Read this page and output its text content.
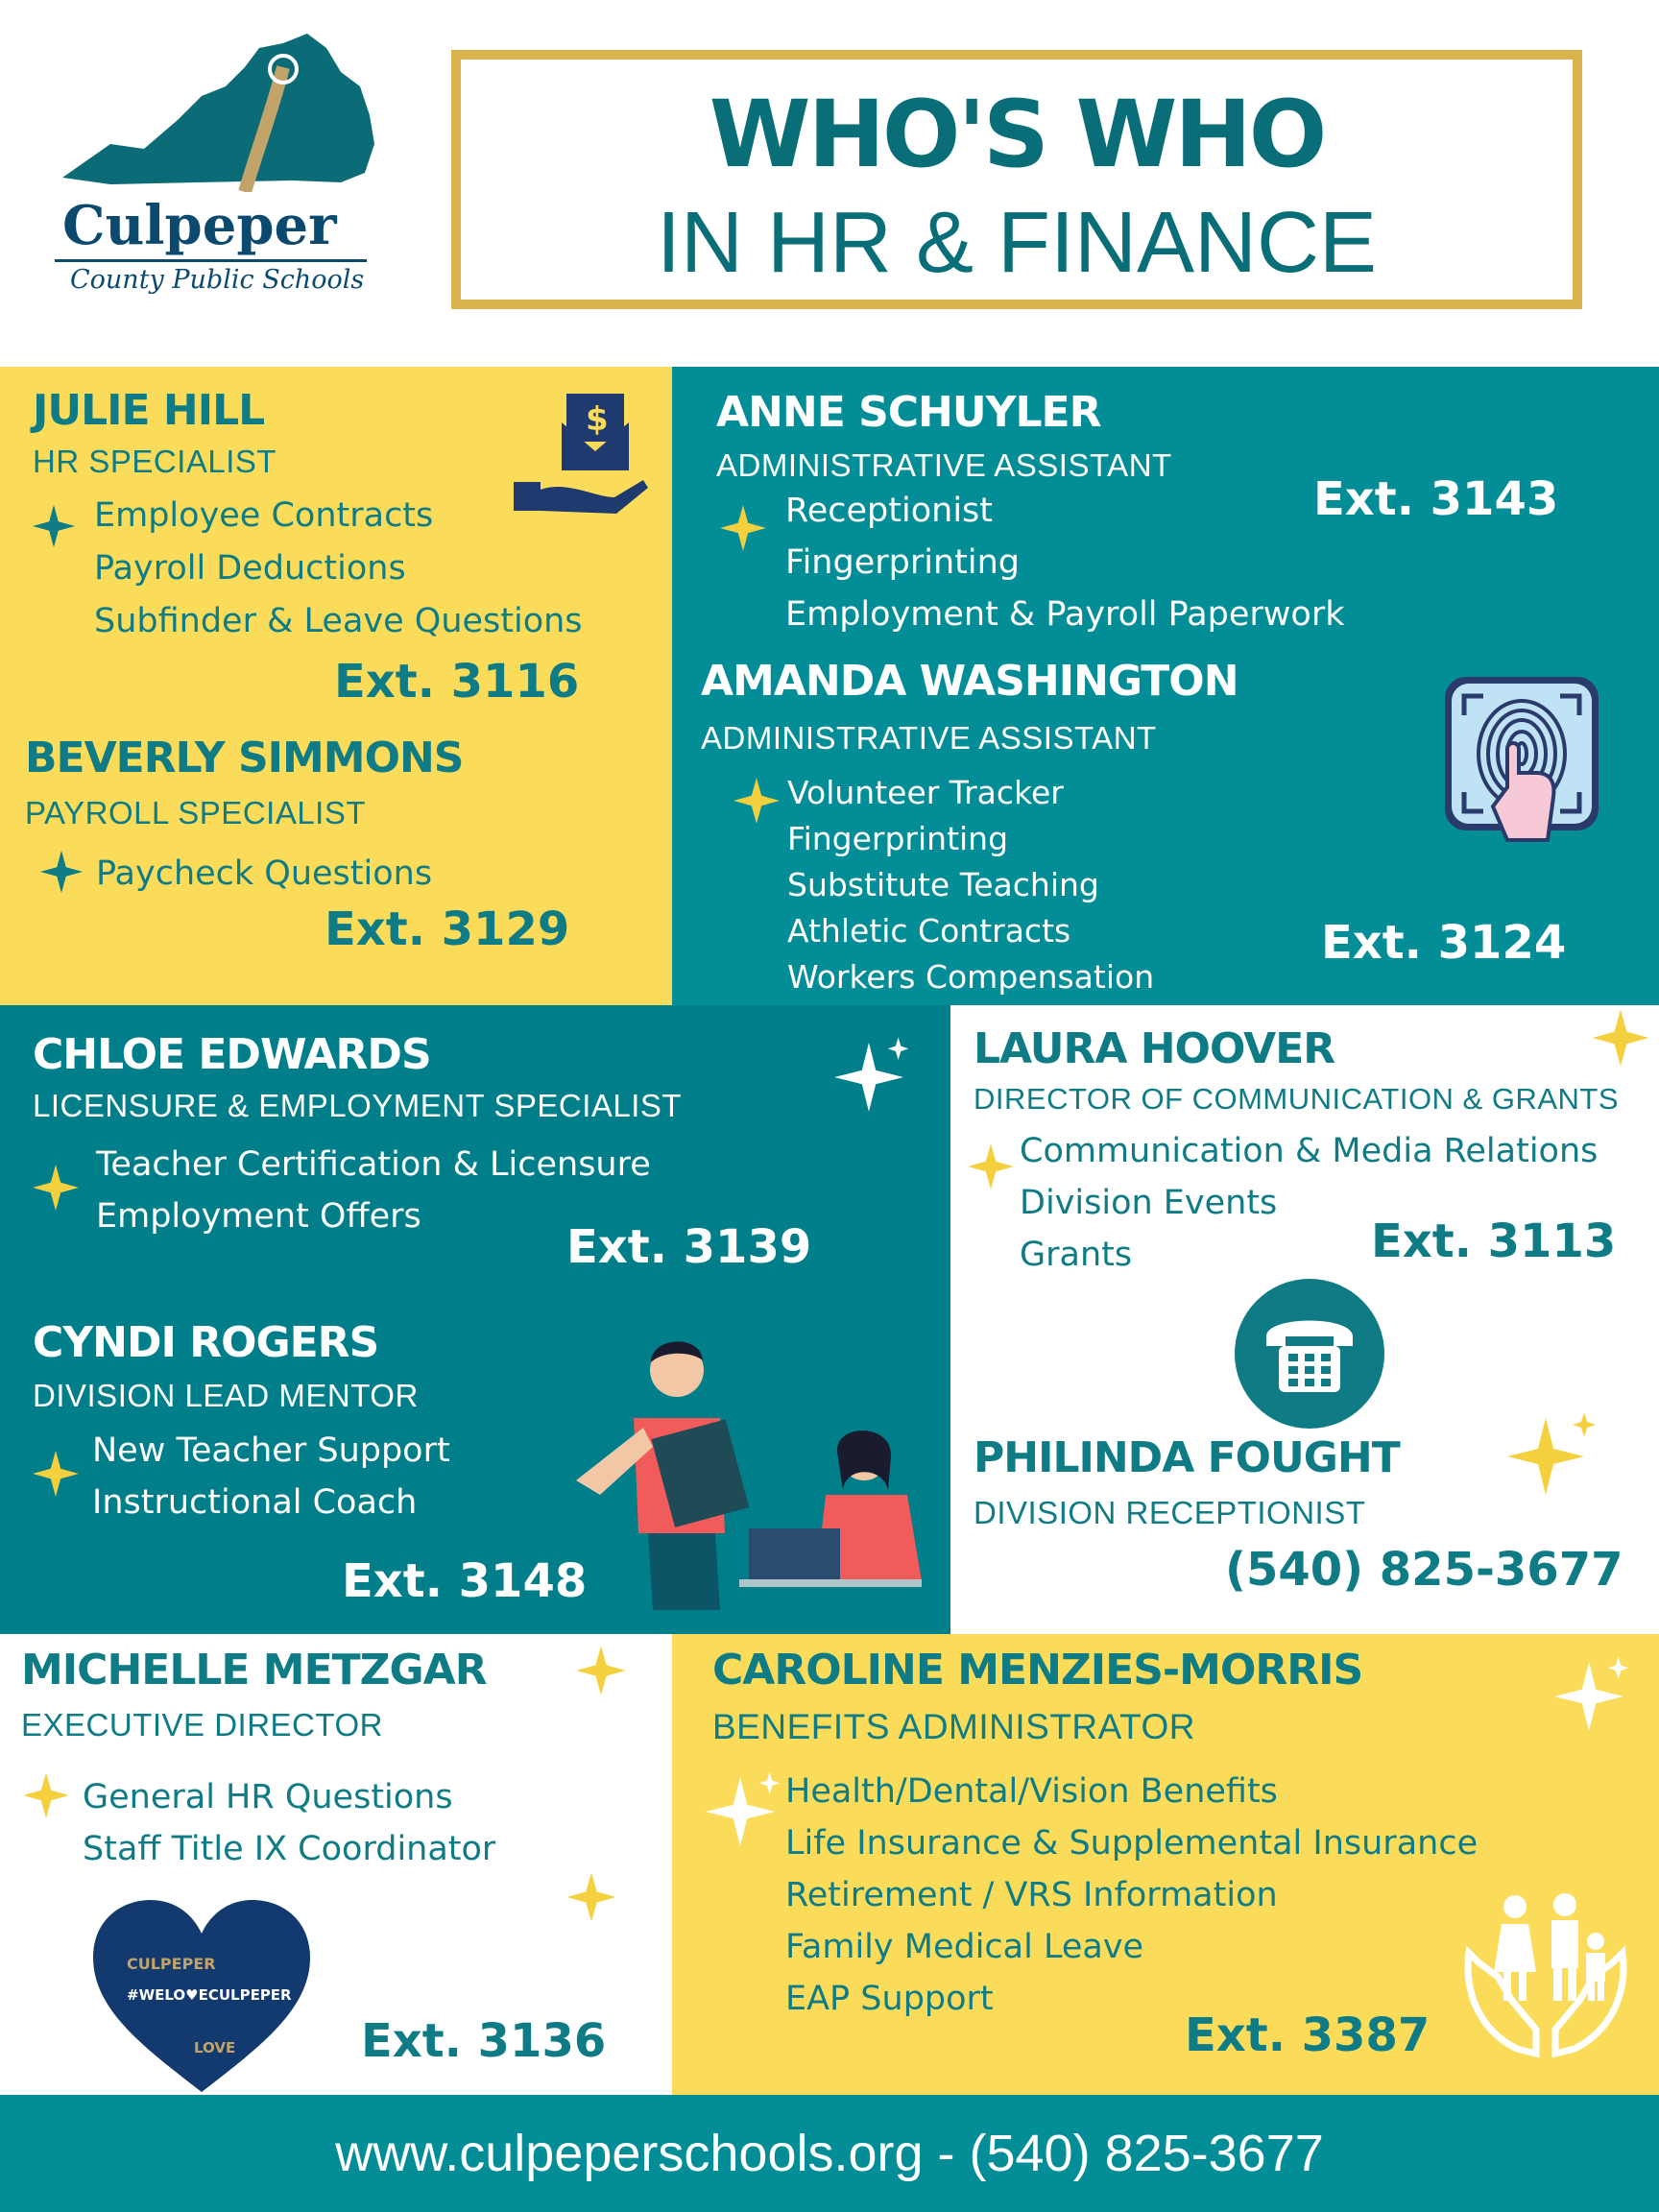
Culpeper
County Public Schools
WHO'S WHO
IN HR & FINANCE
JULIE HILL
HR SPECIALIST
Employee Contracts
Payroll Deductions
Subfinder & Leave Questions
Ext. 3116
$
BEVERLY SIMMONS
PAYROLL SPECIALIST
Paycheck Questions
Ext. 3129
ANNE SCHUYLER
ADMINISTRATIVE ASSISTANT
Receptionist
Fingerprinting
Employment & Payroll Paperwork
Ext. 3143
AMANDA WASHINGTON
ADMINISTRATIVE ASSISTANT
Volunteer Tracker
Fingerprinting
Substitute Teaching
Athletic Contracts
Workers Compensation
Ext. 3124
CHLOE EDWARDS
LICENSURE & EMPLOYMENT SPECIALIST
Teacher Certification & Licensure
Employment Offers
Ext. 3139
CYNDI ROGERS
DIVISION LEAD MENTOR
New Teacher Support
Instructional Coach
Ext. 3148
LAURA HOOVER
DIRECTOR OF COMMUNICATION & GRANTS
Communication & Media Relations
Division Events
Grants	Ext. 3113
PHILINDA FOUGHT
DIVISION RECEPTIONIST
(540) 825-3677
MICHELLE METZGAR
EXECUTIVE DIRECTOR
General HR Questions
Staff Title IX Coordinator
CULPEPER
#WELO♥ECULPEPER
LOVE	Ext. 3136
CAROLINE MENZIES-MORRIS
BENEFITS ADMINISTRATOR
Health/Dental/Vision Benefits
Life Insurance & Supplemental Insurance
Retirement / VRS Information
Family Medical Leave
EAP Support
Ext. 3387
www.culpeperschools.org - (540) 825-3677
